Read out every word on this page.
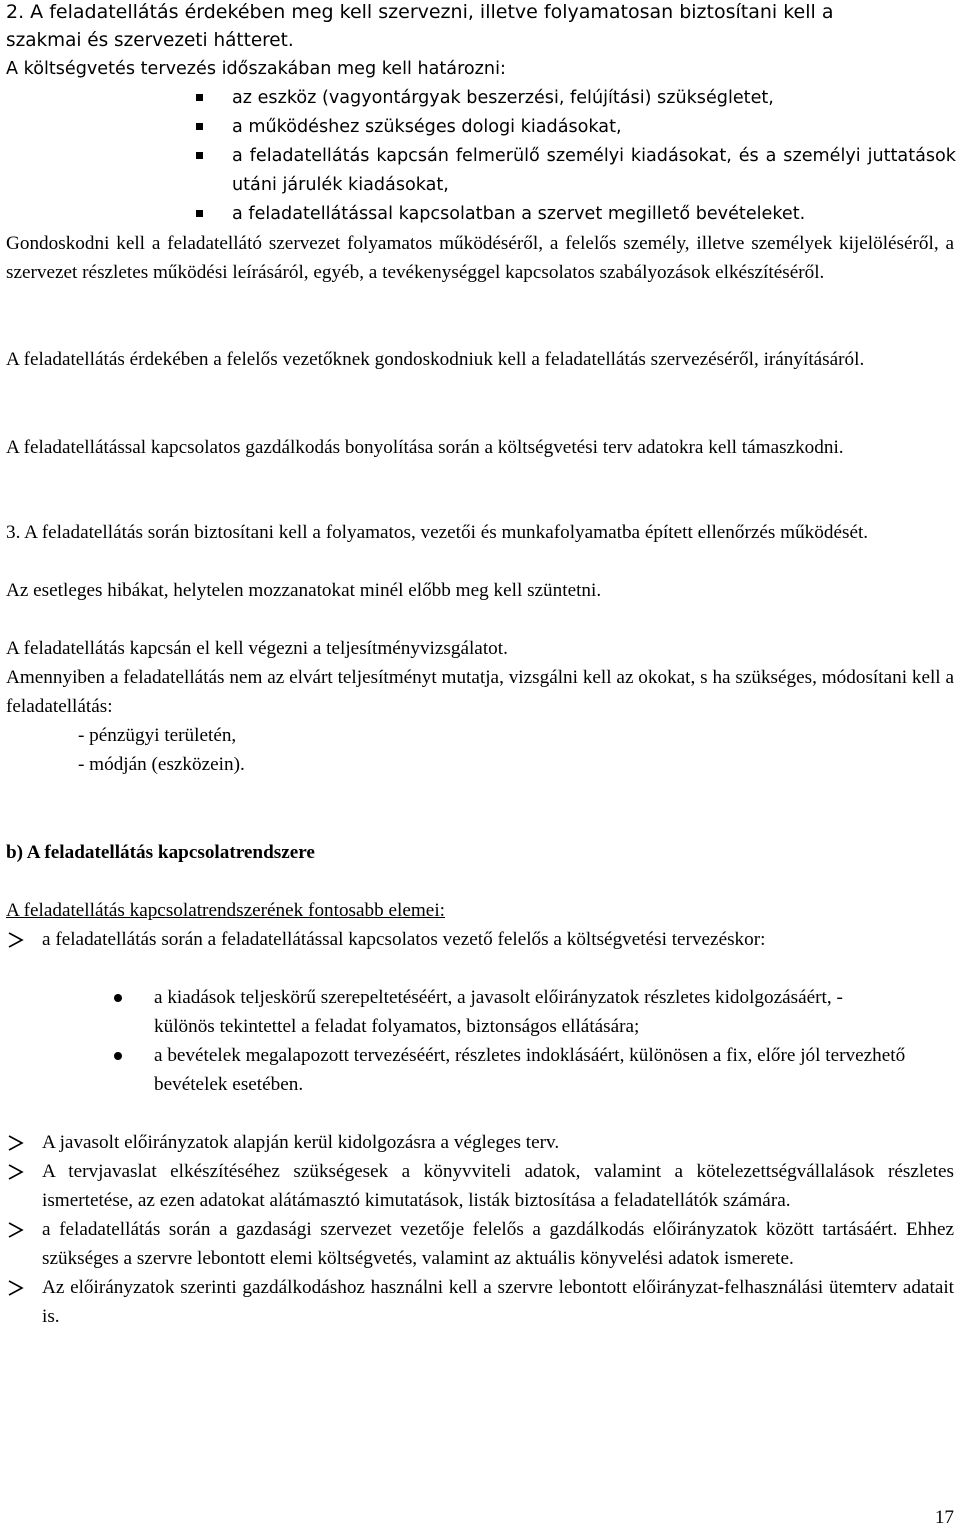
2. A feladatellátás érdekében meg kell szervezni, illetve folyamatosan biztosítani kell a
szakmai és szervezeti hátteret.
A költségvetés tervezés időszakában meg kell határozni:
az eszköz (vagyontárgyak beszerzési, felújítási) szükségletet,
a működéshez szükséges dologi kiadásokat,
a feladatellátás kapcsán felmerülő személyi kiadásokat, és a személyi juttatások utáni járulék kiadásokat,
a feladatellátással kapcsolatban a szervet megillető bevételeket.
Gondoskodni kell a feladatellátó szervezet folyamatos működéséről, a felelős személy, illetve személyek kijelöléséről, a szervezet részletes működési leírásáról, egyéb, a tevékenységgel kapcsolatos szabályozások elkészítéséről.
A feladatellátás érdekében a felelős vezetőknek gondoskodniuk kell a feladatellátás szervezéséről, irányításáról.
A feladatellátással kapcsolatos gazdálkodás bonyolítása során a költségvetési terv adatokra kell támaszkodni.
3. A feladatellátás során biztosítani kell a folyamatos, vezetői és munkafolyamatba épített ellenőrzés működését.
Az esetleges hibákat, helytelen mozzanatokat minél előbb meg kell szüntetni.
A feladatellátás kapcsán el kell végezni a teljesítményvizsgálatot.
Amennyiben a feladatellátás nem az elvárt teljesítményt mutatja, vizsgálni kell az okokat, s ha szükséges, módosítani kell a feladatellátás:
- pénzügyi területén,
- módján (eszközein).
b) A feladatellátás kapcsolatrendszere
A feladatellátás kapcsolatrendszerének fontosabb elemei:
a feladatellátás során a feladatellátással kapcsolatos vezető felelős a költségvetési tervezéskor:
a kiadások teljeskörű szerepeltetéséért, a javasolt előirányzatok részletes kidolgozásáért, - különös tekintettel a feladat folyamatos, biztonságos ellátására;
a bevételek megalapozott tervezéséért, részletes indoklásáért, különösen a fix, előre jól tervezhető bevételek esetében.
A javasolt előirányzatok alapján kerül kidolgozásra a végleges terv.
A tervjavaslat elkészítéséhez szükségesek a könyvviteli adatok, valamint a kötelezettségvállalások részletes ismertetése, az ezen adatokat alátámasztó kimutatások, listák biztosítása a feladatellátók számára.
a feladatellátás során a gazdasági szervezet vezetője felelős a gazdálkodás előirányzatok között tartásáért. Ehhez szükséges a szervre lebontott elemi költségvetés, valamint az aktuális könyvelési adatok ismerete.
Az előirányzatok szerinti gazdálkodáshoz használni kell a szervre lebontott előirányzat-felhasználási ütemterv adatait is.
17
